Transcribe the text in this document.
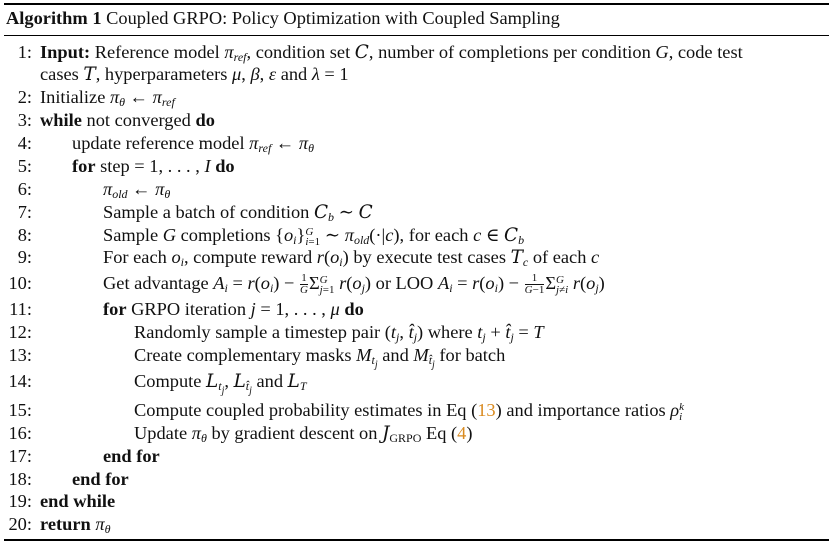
Algorithm 1 Coupled GRPO: Policy Optimization with Coupled Sampling
1: Input: Reference model $\pi_{ref}$, condition set C, number of completions per condition G, code test
cases T, hyperparameters μ, β, ε and λ = 1
2: Initialize $\pi_\theta$ ← $\pi_{ref}$
3: while not converged do
4: update reference model $\pi_{ref}$ ← $\pi_\theta$
5: for step = 1, . . . , I do
6:	$\pi_{old}$ ← $\pi_\theta$
7:	Sample a batch of condition $C_b$ ∼ C
8:	Sample G completions $\{o_i\}$ G
i=1 ∼ $\pi_{old}(\cdot|c)$, for each c ∈ $C_b$
9:	For each $o_i$, compute reward $r(o_i)$ by execute test cases $T_c$ of each c
10:	Get advantage $A_i = r(o_i) - \frac{1}{G}$ Σ G
j=1 $r(o_j)$ or LOO $A_i = r(o_i) - \frac{1}{G-1}$ Σ G
j≠i $r(o_j)$
11:	for GRPO iteration j = 1, . . . , μ do
12:	Randomly sample a timestep pair ($t_j$, $t̂_j$) where $t_j$ + $t̂_j = T$
13:	Create complementary masks $M_{t_j}$ and $M_{t̂_j}$ for batch
14:	Compute $L_{t_j}$, $L_{t̂_j}$ and $L_T$
15:	Compute coupled probability estimates in Eq (13) and importance ratios ρ k
i
16:	Update $\pi_\theta$ by gradient descent on $J_{GRPO}$ Eq (4)
17:	end for
18: end for
19: end while
20: return $\pi_\theta$
